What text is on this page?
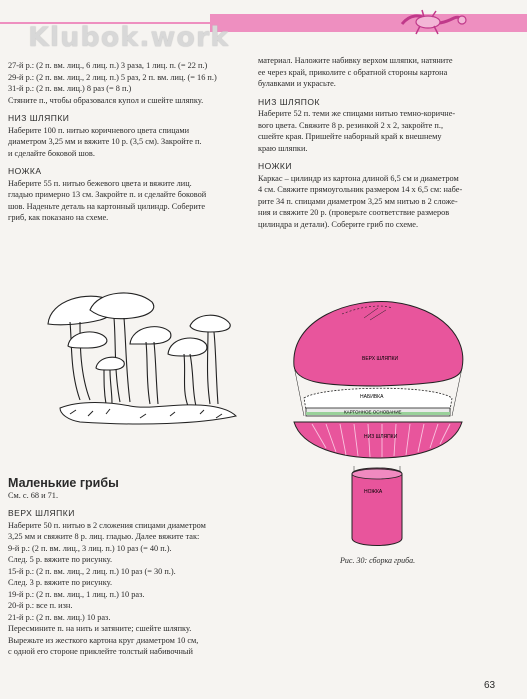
Klubok.work

27-й р.: (2 п. вм. лиц., 6 лиц. п.) 3 раза, 1 лиц. п. (= 22 п.)

29-й р.: (2 п. вм. лиц., 2 лиц. п.) 5 раз, 2 п. вм. лиц. (= 16 п.)

31-й р.: (2 п. вм. лиц.) 8 раз (= 8 п.)

Стяните п., чтобы образовался купол и сшейте шляпку.

НИЗ ШЛЯПКИ

Наберите 100 п. нитью коричневого цвета спицами

диаметром 3,25 мм и вяжите 10 р. (3,5 см). Закройте п.

и сделайте боковой шов.

НОЖКА

Наберите 55 п. нитью бежевого цвета и вяжите лиц.

гладью примерно 13 см. Закройте п. и сделайте боковой

шов. Наденьте деталь на картонный цилиндр. Соберите

гриб, как показано на схеме.

материал. Наложите набивку верхом шляпки, натяните

ее через край, приколите с обратной стороны картона

булавками и украсьте.

НИЗ ШЛЯПОК

Наберите 52 п. теми же спицами нитью темно-коричне-

вого цвета. Свяжите 8 р. резинкой 2 х 2, закройте п.,

сшейте края. Пришейте наборный край к внешнему

краю шляпки.

НОЖКИ

Каркас – цилиндр из картона длиной 6,5 см и диаметром

4 см. Свяжите прямоугольник размером 14 х 6,5 см: набе-

рите 34 п. спицами диаметром 3,25 мм нитью в 2 сложе-

ния и свяжите 20 р. (проверьте соответствие размеров

цилиндра и детали). Соберите гриб по схеме.

Маленькие грибы

См. с. 68 и 71.

ВЕРХ ШЛЯПКИ

Наберите 50 п. нитью в 2 сложения спицами диаметром

3,25 мм и свяжите 8 р. лиц. гладью. Далее вяжите так:

9-й р.: (2 п. вм. лиц., 3 лиц. п.) 10 раз (= 40 п.).

След. 5 р. вяжите по рисунку.

15-й р.: (2 п. вм. лиц., 2 лиц. п.) 10 раз (= 30 п.).

След. 3 р. вяжите по рисунку.

19-й р.: (2 п. вм. лиц., 1 лиц. п.) 10 раз.

20-й р.: все п. изн.

21-й р.: (2 п. вм. лиц.) 10 раз.

Пересмините п. на нить и затяните; сшейте шляпку.

Вырежьте из жесткого картона круг диаметром 10 см,

с одной его стороне приклейте толстый набивочный

ВЕРХ ШЛЯПКИ
НАБИВКА
КАРТОННОЕ ОСНОВАНИЕ
НИЗ ШЛЯПКИ
НОЖКА
Рис. 30: сборка гриба.
63
